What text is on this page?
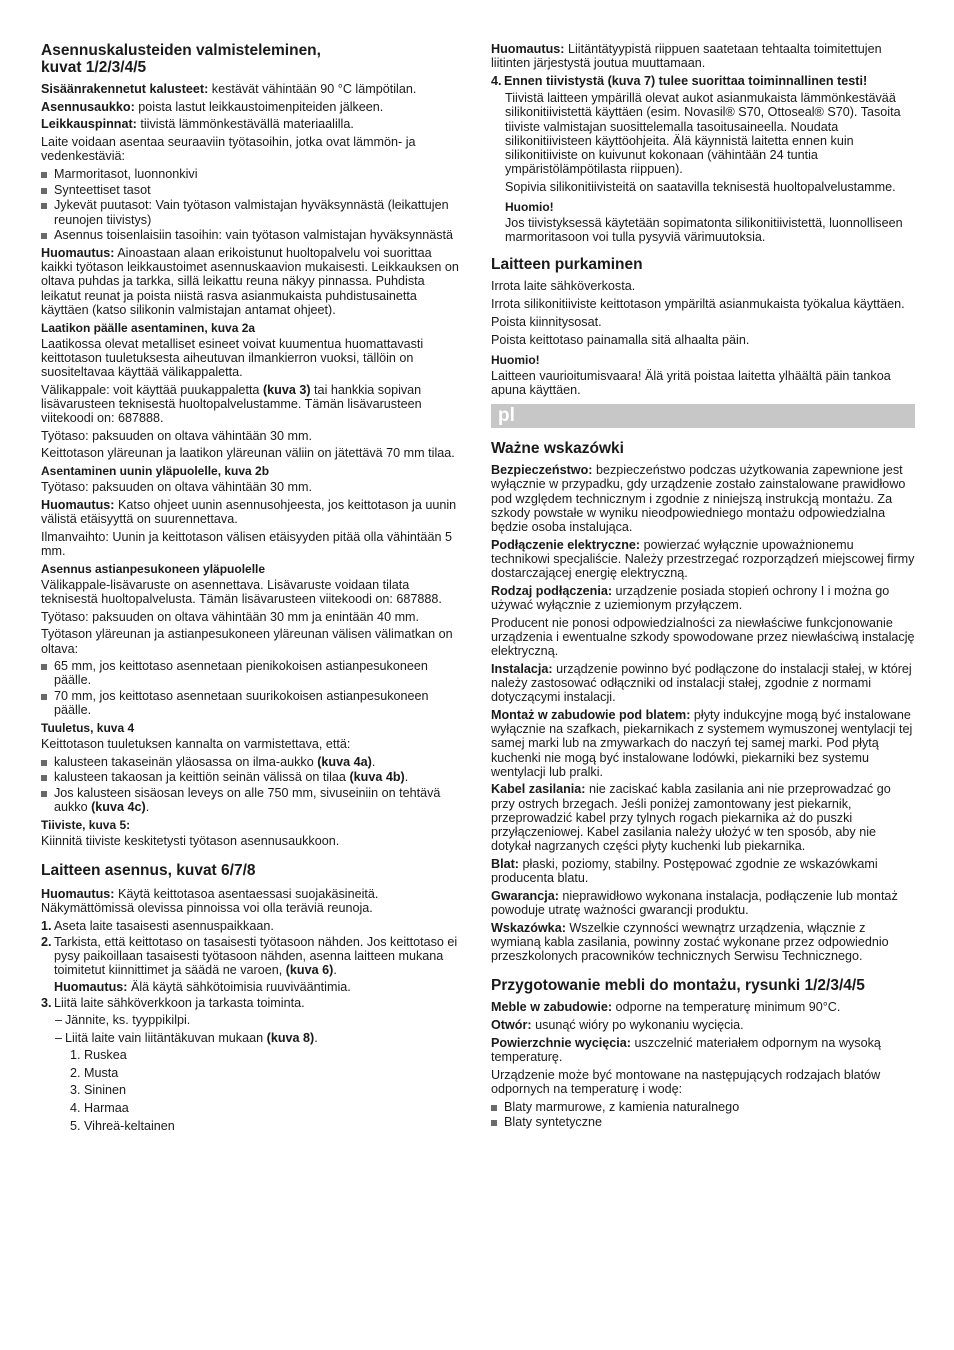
Asennuskalusteiden valmisteleminen,
kuvat 1/2/3/4/5

Sisäänrakennetut kalusteet: kestävät vähintään 90 °C lämpötilan.

Asennusaukko: poista lastut leikkaustoimenpiteiden jälkeen.

Leikkauspinnat: tiivistä lämmönkestävällä materiaalilla.

Laite voidaan asentaa seuraaviin työtasoihin, jotka ovat lämmön- ja vedenkestäviä:

Marmoritasot, luonnonkivi
Synteettiset tasot
Jykevät puutasot: Vain työtason valmistajan hyväksynnästä (leikattujen reunojen tiivistys)
Asennus toisenlaisiin tasoihin: vain työtason valmistajan hyväksynnästä

Huomautus: Ainoastaan alaan erikoistunut huoltopalvelu voi suorittaa kaikki työtason leikkaustoimet asennuskaavion mukaisesti. Leikkauksen on oltava puhdas ja tarkka, sillä leikattu reuna näkyy pinnassa. Puhdista leikatut reunat ja poista niistä rasva asianmukaista puhdistusainetta käyttäen (katso silikonin valmistajan antamat ohjeet).

Laatikon päälle asentaminen, kuva 2a

Laatikossa olevat metalliset esineet voivat kuumentua huomattavasti keittotason tuuletuksesta aiheutuvan ilmankierron vuoksi, tällöin on suositeltavaa käyttää välikappaletta.

Välikappale: voit käyttää puukappaletta (kuva 3) tai hankkia sopivan lisävarusteen teknisestä huoltopalvelustamme. Tämän lisävarusteen viitekoodi on: 687888.

Työtaso: paksuuden on oltava vähintään 30 mm.

Keittotason yläreunan ja laatikon yläreunan väliin on jätettävä 70 mm tilaa.

Asentaminen uunin yläpuolelle, kuva 2b

Työtaso: paksuuden on oltava vähintään 30 mm.

Huomautus: Katso ohjeet uunin asennusohjeesta, jos keittotason ja uunin välistä etäisyyttä on suurennettava.

Ilmanvaihto: Uunin ja keittotason välisen etäisyyden pitää olla vähintään 5 mm.

Asennus astianpesukoneen yläpuolelle

Välikappale-lisävaruste on asennettava. Lisävaruste voidaan tilata teknisestä huoltopalvelusta. Tämän lisävarusteen viitekoodi on: 687888.

Työtaso: paksuuden on oltava vähintään 30 mm ja enintään 40 mm.

Työtason yläreunan ja astianpesukoneen yläreunan välisen välimatkan on oltava:

65 mm, jos keittotaso asennetaan pienikokoisen astianpesukoneen päälle.
70 mm, jos keittotaso asennetaan suurikokoisen astianpesukoneen päälle.
Tuuletus, kuva 4

Keittotason tuuletuksen kannalta on varmistettava, että:

kalusteen takaseinän yläosassa on ilma-aukko (kuva 4a).
kalusteen takaosan ja keittiön seinän välissä on tilaa (kuva 4b).
Jos kalusteen sisäosan leveys on alle 750 mm, sivuseiniin on tehtävä aukko (kuva 4c).
Tiiviste, kuva 5:

Kiinnitä tiiviste keskitetysti työtason asennusaukkoon.

Laitteen asennus, kuvat 6/7/8

Huomautus: Käytä keittotasoa asentaessasi suojakäsineitä. Näkymättömissä olevissa pinnoissa voi olla teräviä reunoja.

1. Aseta laite tasaisesti asennuspaikkaan.
2. Tarkista, että keittotaso on tasaisesti työtasoon nähden. Jos keittotaso ei pysy paikoillaan tasaisesti työtasoon nähden, asenna laitteen mukana toimitetut kiinnittimet ja säädä ne varoen, (kuva 6).
Huomautus: Älä käytä sähkötoimisia ruuvivääntimia.
3. Liitä laite sähköverkkoon ja tarkasta toiminta.
– Jännite, ks. tyyppikilpi.
– Liitä laite vain liitäntäkuvan mukaan (kuva 8).
1. Ruskea
2. Musta
3. Sininen
4. Harmaa
5. Vihreä-keltainen

Huomautus: Liitäntätyypistä riippuen saatetaan tehtaalta toimitettujen liitinten järjestystä joutua muuttamaan.

4. Ennen tiivistystä (kuva 7) tulee suorittaa toiminnallinen testi!

Tiivistä laitteen ympärillä olevat aukot asianmukaista lämmönkestävää silikonitiivistettä käyttäen (esim. Novasil® S70, Ottoseal® S70). Tasoita tiiviste valmistajan suosittelemalla tasoitusaineella. Noudata silikonitiivisteen käyttöohjeita. Älä käynnistä laitetta ennen kuin silikonitiiviste on kuivunut kokonaan (vähintään 24 tuntia ympäristölämpötilasta riippuen).

Sopivia silikonitiivisteitä on saatavilla teknisestä huoltopalvelustamme.

Huomio!

Jos tiivistyksessä käytetään sopimatonta silikonitiivistettä, luonnolliseen marmoritasoon voi tulla pysyviä värimuutoksia.

Laitteen purkaminen

Irrota laite sähköverkosta.

Irrota silikonitiiviste keittotason ympäriltä asianmukaista työkalua käyttäen.

Poista kiinnitysosat.

Poista keittotaso painamalla sitä alhaalta päin.

Huomio!

Laitteen vaurioitumisvaara! Älä yritä poistaa laitetta ylhäältä päin tankoa apuna käyttäen.

pl
Ważne wskazówki

Bezpieczeństwo: bezpieczeństwo podczas użytkowania zapewnione jest wyłącznie w przypadku, gdy urządzenie zostało zainstalowane prawidłowo pod względem technicznym i zgodnie z niniejszą instrukcją montażu. Za szkody powstałe w wyniku nieodpowiedniego montażu odpowiedzialna będzie osoba instalująca.

Podłączenie elektryczne: powierzać wyłącznie upoważnionemu technikowi specjaliście. Należy przestrzegać rozporządzeń miejscowej firmy dostarczającej energię elektryczną.

Rodzaj podłączenia: urządzenie posiada stopień ochrony I i można go używać wyłącznie z uziemionym przyłączem.

Producent nie ponosi odpowiedzialności za niewłaściwe funkcjonowanie urządzenia i ewentualne szkody spowodowane przez niewłaściwą instalację elektryczną.

Instalacja: urządzenie powinno być podłączone do instalacji stałej, w której należy zastosować odłączniki od instalacji stałej, zgodnie z normami dotyczącymi instalacji.

Montaż w zabudowie pod blatem: płyty indukcyjne mogą być instalowane wyłącznie na szafkach, piekarnikach z systemem wymuszonej wentylacji tej samej marki lub na zmywarkach do naczyń tej samej marki. Pod płytą kuchenki nie mogą być instalowane lodówki, piekarniki bez systemu wentylacji lub pralki.

Kabel zasilania: nie zaciskać kabla zasilania ani nie przeprowadzać go przy ostrych brzegach. Jeśli poniżej zamontowany jest piekarnik, przeprowadzić kabel przy tylnych rogach piekarnika aż do puszki przyłączeniowej. Kabel zasilania należy ułożyć w ten sposób, aby nie dotykał nagrzanych części płyty kuchenki lub piekarnika.

Blat: płaski, poziomy, stabilny. Postępować zgodnie ze wskazówkami producenta blatu.

Gwarancja: nieprawidłowo wykonana instalacja, podłączenie lub montaż powoduje utratę ważności gwarancji produktu.

Wskazówka: Wszelkie czynności wewnątrz urządzenia, włącznie z wymianą kabla zasilania, powinny zostać wykonane przez odpowiednio przeszkolonych pracowników technicznych Serwisu Technicznego.

Przygotowanie mebli do montażu, rysunki 1/2/3/4/5

Meble w zabudowie: odporne na temperaturę minimum 90°C.

Otwór: usunąć wióry po wykonaniu wycięcia.

Powierzchnie wycięcia: uszczelnić materiałem odpornym na wysoką temperaturę.

Urządzenie może być montowane na następujących rodzajach blatów odpornych na temperaturę i wodę:

Blaty marmurowe, z kamienia naturalnego
Blaty syntetyczne
